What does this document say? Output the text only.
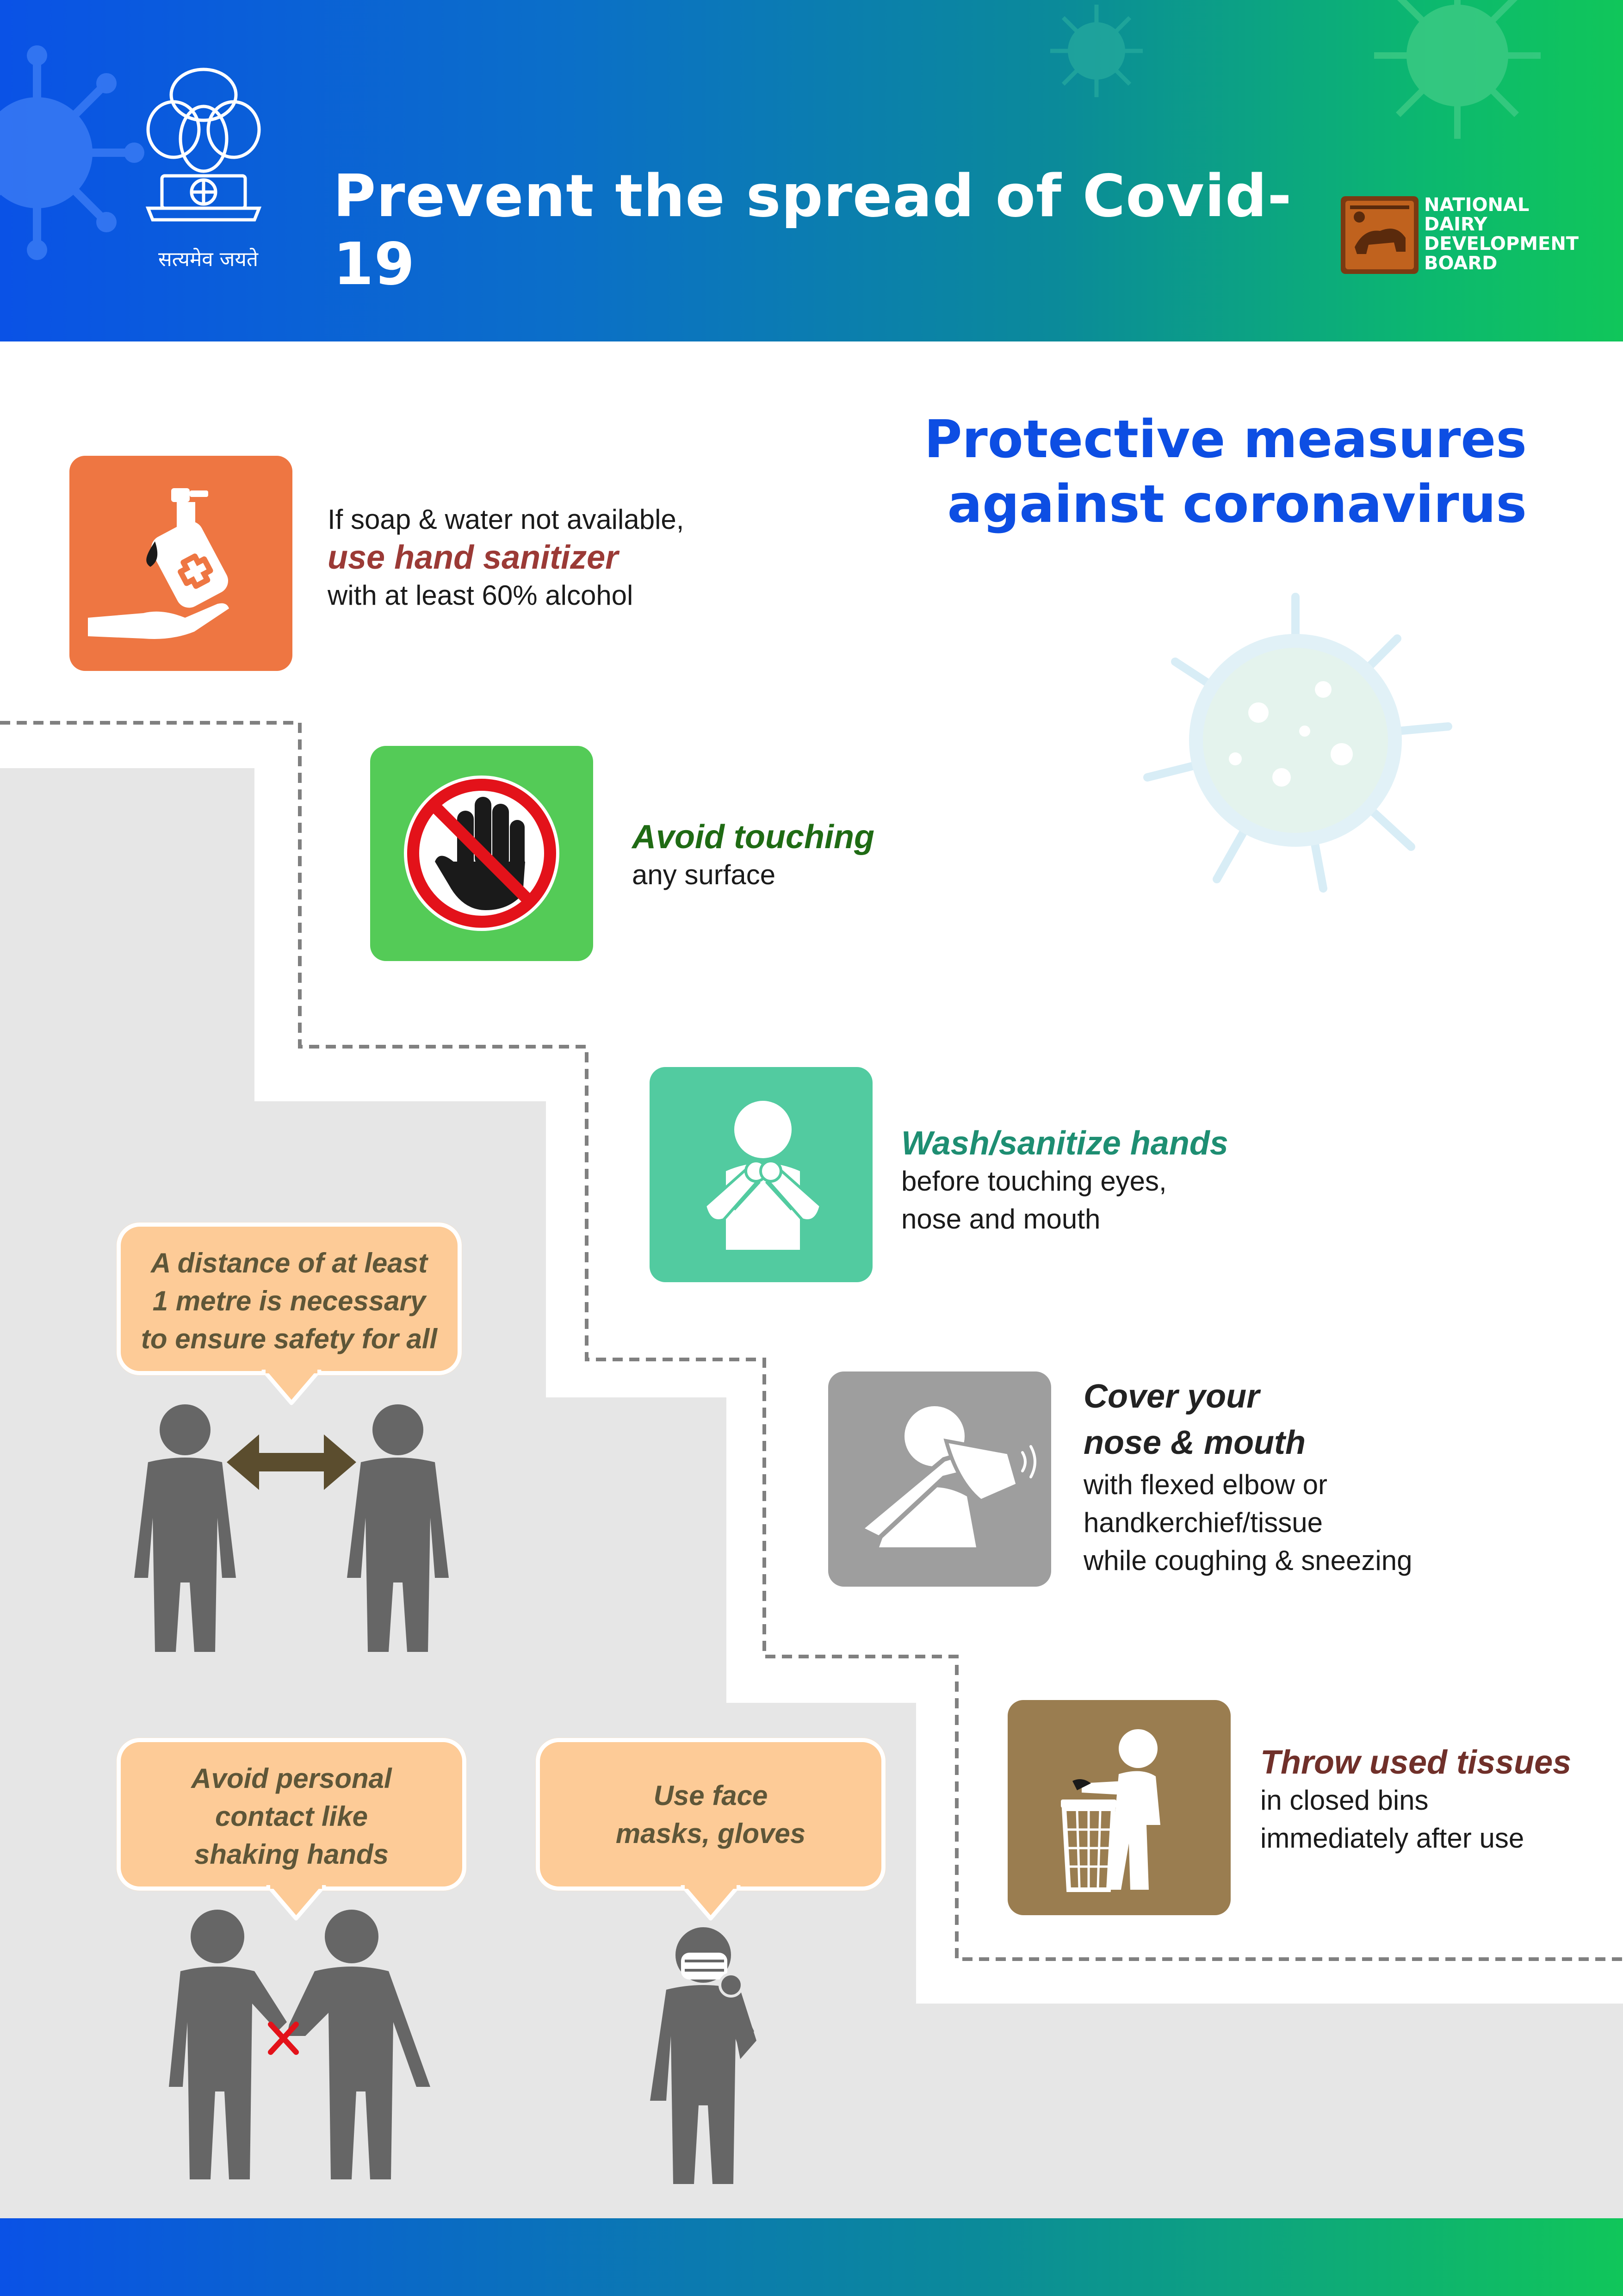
सत्यमेव जयते
Prevent the spread of Covid-19
NATIONAL
DAIRY
DEVELOPMENT
BOARD
Protective measures
against coronavirus
If soap & water not available,
use hand sanitizer
with at least 60% alcohol
Avoid touching
any surface
Wash/sanitize hands
before touching eyes,
nose and mouth
Cover your
nose & mouth
with flexed elbow or
handkerchief/tissue
while coughing & sneezing
Throw used tissues
in closed bins
immediately after use
A distance of at least
1 metre is necessary
to ensure safety for all
Avoid personal
contact like
shaking hands
Use face
masks, gloves
